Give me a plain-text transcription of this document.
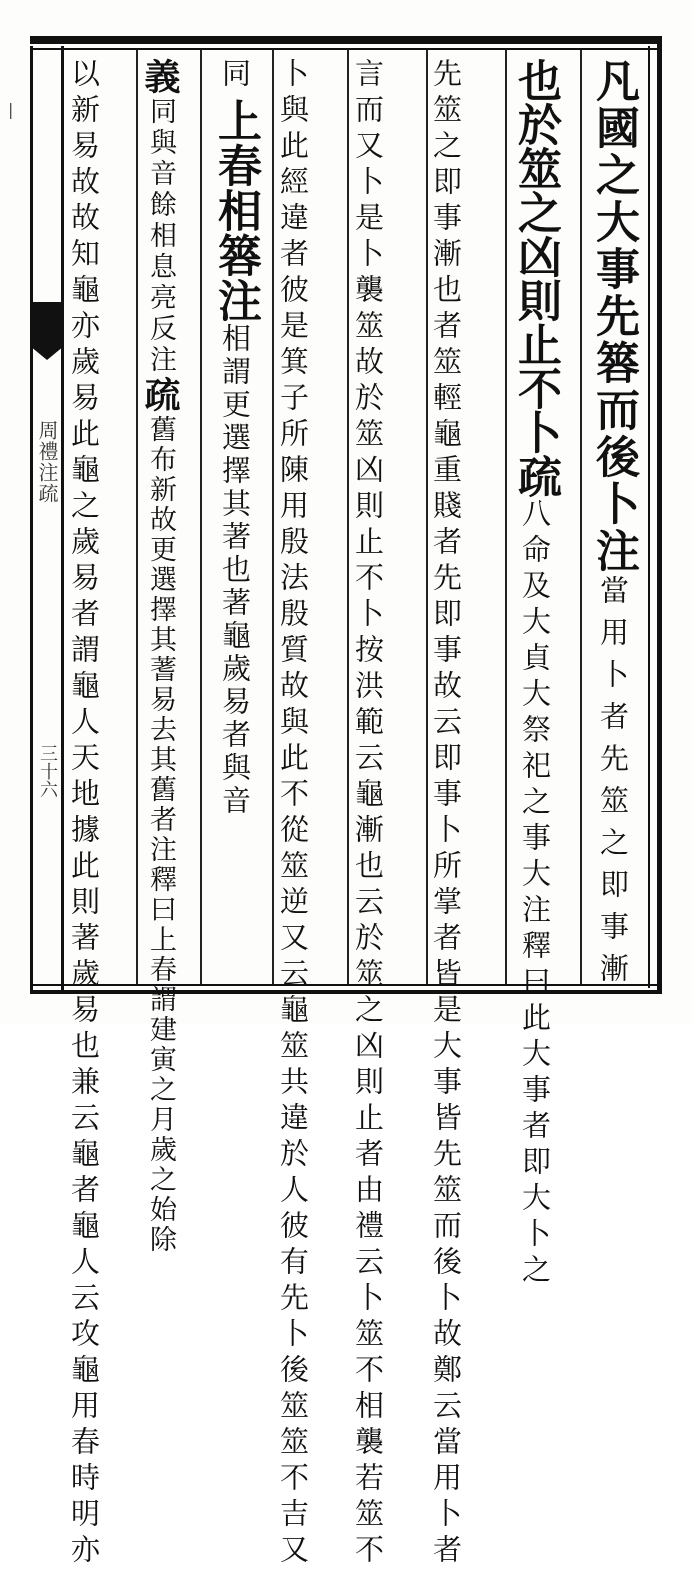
|
周禮注疏
三十六
凡國之大事先簭而後卜注當用卜者先筮之即事漸
也於筮之凶則止不卜疏
注釋曰此大事者即大卜之
八命及大貞大祭祀之事大
卜所掌者皆是大事皆先筮而後卜故鄭云當用卜者
先筮之即事漸也者筮輕龜重賤者先即事故云即事
漸也云於筮之凶則止者由禮云卜筮不相襲若筮不
言而又卜是卜襲筮故於筮凶則止不卜按洪範云龜
從筮逆又云龜筮共違於人彼有先卜後筮筮不吉又
卜與此經違者彼是箕子所陳用殷法殷質故與此不
同上春相簭注相謂更選擇其著也著龜歲易者與音
義
相息亮反注
同與音餘
疏
注釋曰上春謂建寅之月歲之始除
舊布新故更選擇其蓍易去其舊者
據此則著歲易也兼云龜者龜人云攻龜用春時明亦
以新易故故知龜亦歲易此龜之歲易者謂龜人天地
